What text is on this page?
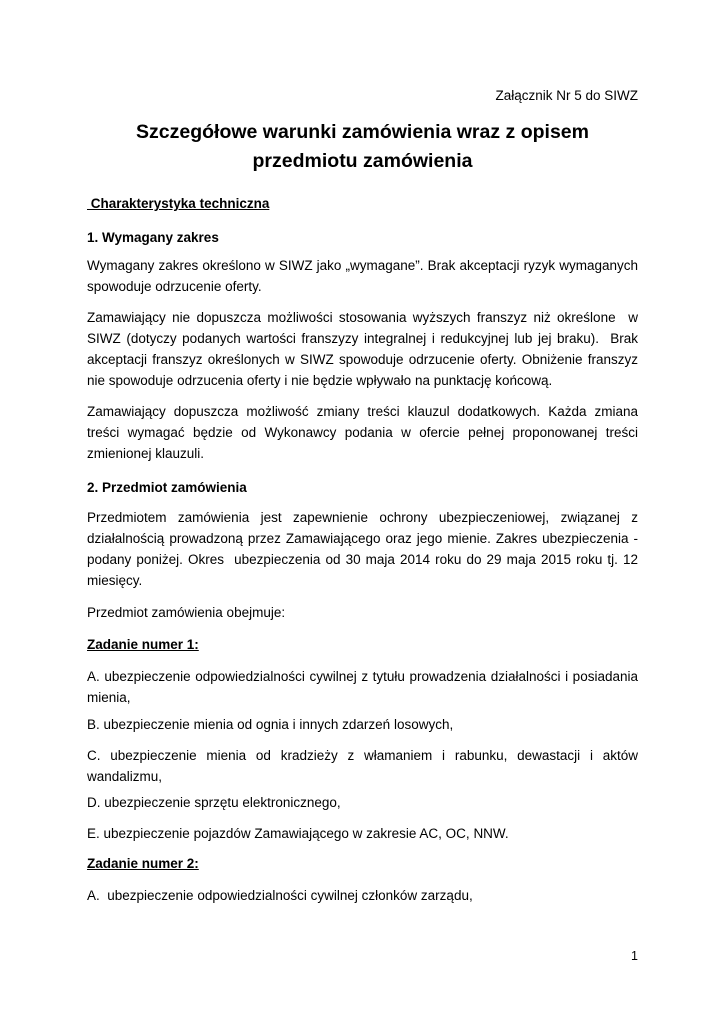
Załącznik Nr 5 do SIWZ
Szczegółowe warunki zamówienia wraz z opisem
przedmiotu zamówienia
Charakterystyka techniczna
1. Wymagany zakres
Wymagany zakres określono w SIWZ jako „wymagane”. Brak akceptacji ryzyk wymaganych spowoduje odrzucenie oferty.
Zamawiający nie dopuszcza możliwości stosowania wyższych franszyz niż określone  w SIWZ (dotyczy podanych wartości franszyzy integralnej i redukcyjnej lub jej braku).  Brak akceptacji franszyz określonych w SIWZ spowoduje odrzucenie oferty. Obniżenie franszyz nie spowoduje odrzucenia oferty i nie będzie wpływało na punktację końcową.
Zamawiający dopuszcza możliwość zmiany treści klauzul dodatkowych. Każda zmiana treści wymagać będzie od Wykonawcy podania w ofercie pełnej proponowanej treści zmienionej klauzuli.
2. Przedmiot zamówienia
Przedmiotem zamówienia jest zapewnienie ochrony ubezpieczeniowej, związanej z działalnością prowadzoną przez Zamawiającego oraz jego mienie. Zakres ubezpieczenia - podany poniżej. Okres  ubezpieczenia od 30 maja 2014 roku do 29 maja 2015 roku tj. 12 miesięcy.
Przedmiot zamówienia obejmuje:
Zadanie numer 1:
A. ubezpieczenie odpowiedzialności cywilnej z tytułu prowadzenia działalności i posiadania mienia,
B. ubezpieczenie mienia od ognia i innych zdarzeń losowych,
C. ubezpieczenie mienia od kradzieży z włamaniem i rabunku, dewastacji i aktów wandalizmu,
D. ubezpieczenie sprzętu elektronicznego,
E. ubezpieczenie pojazdów Zamawiającego w zakresie AC, OC, NNW.
Zadanie numer 2:
A.  ubezpieczenie odpowiedzialności cywilnej członków zarządu,
1
